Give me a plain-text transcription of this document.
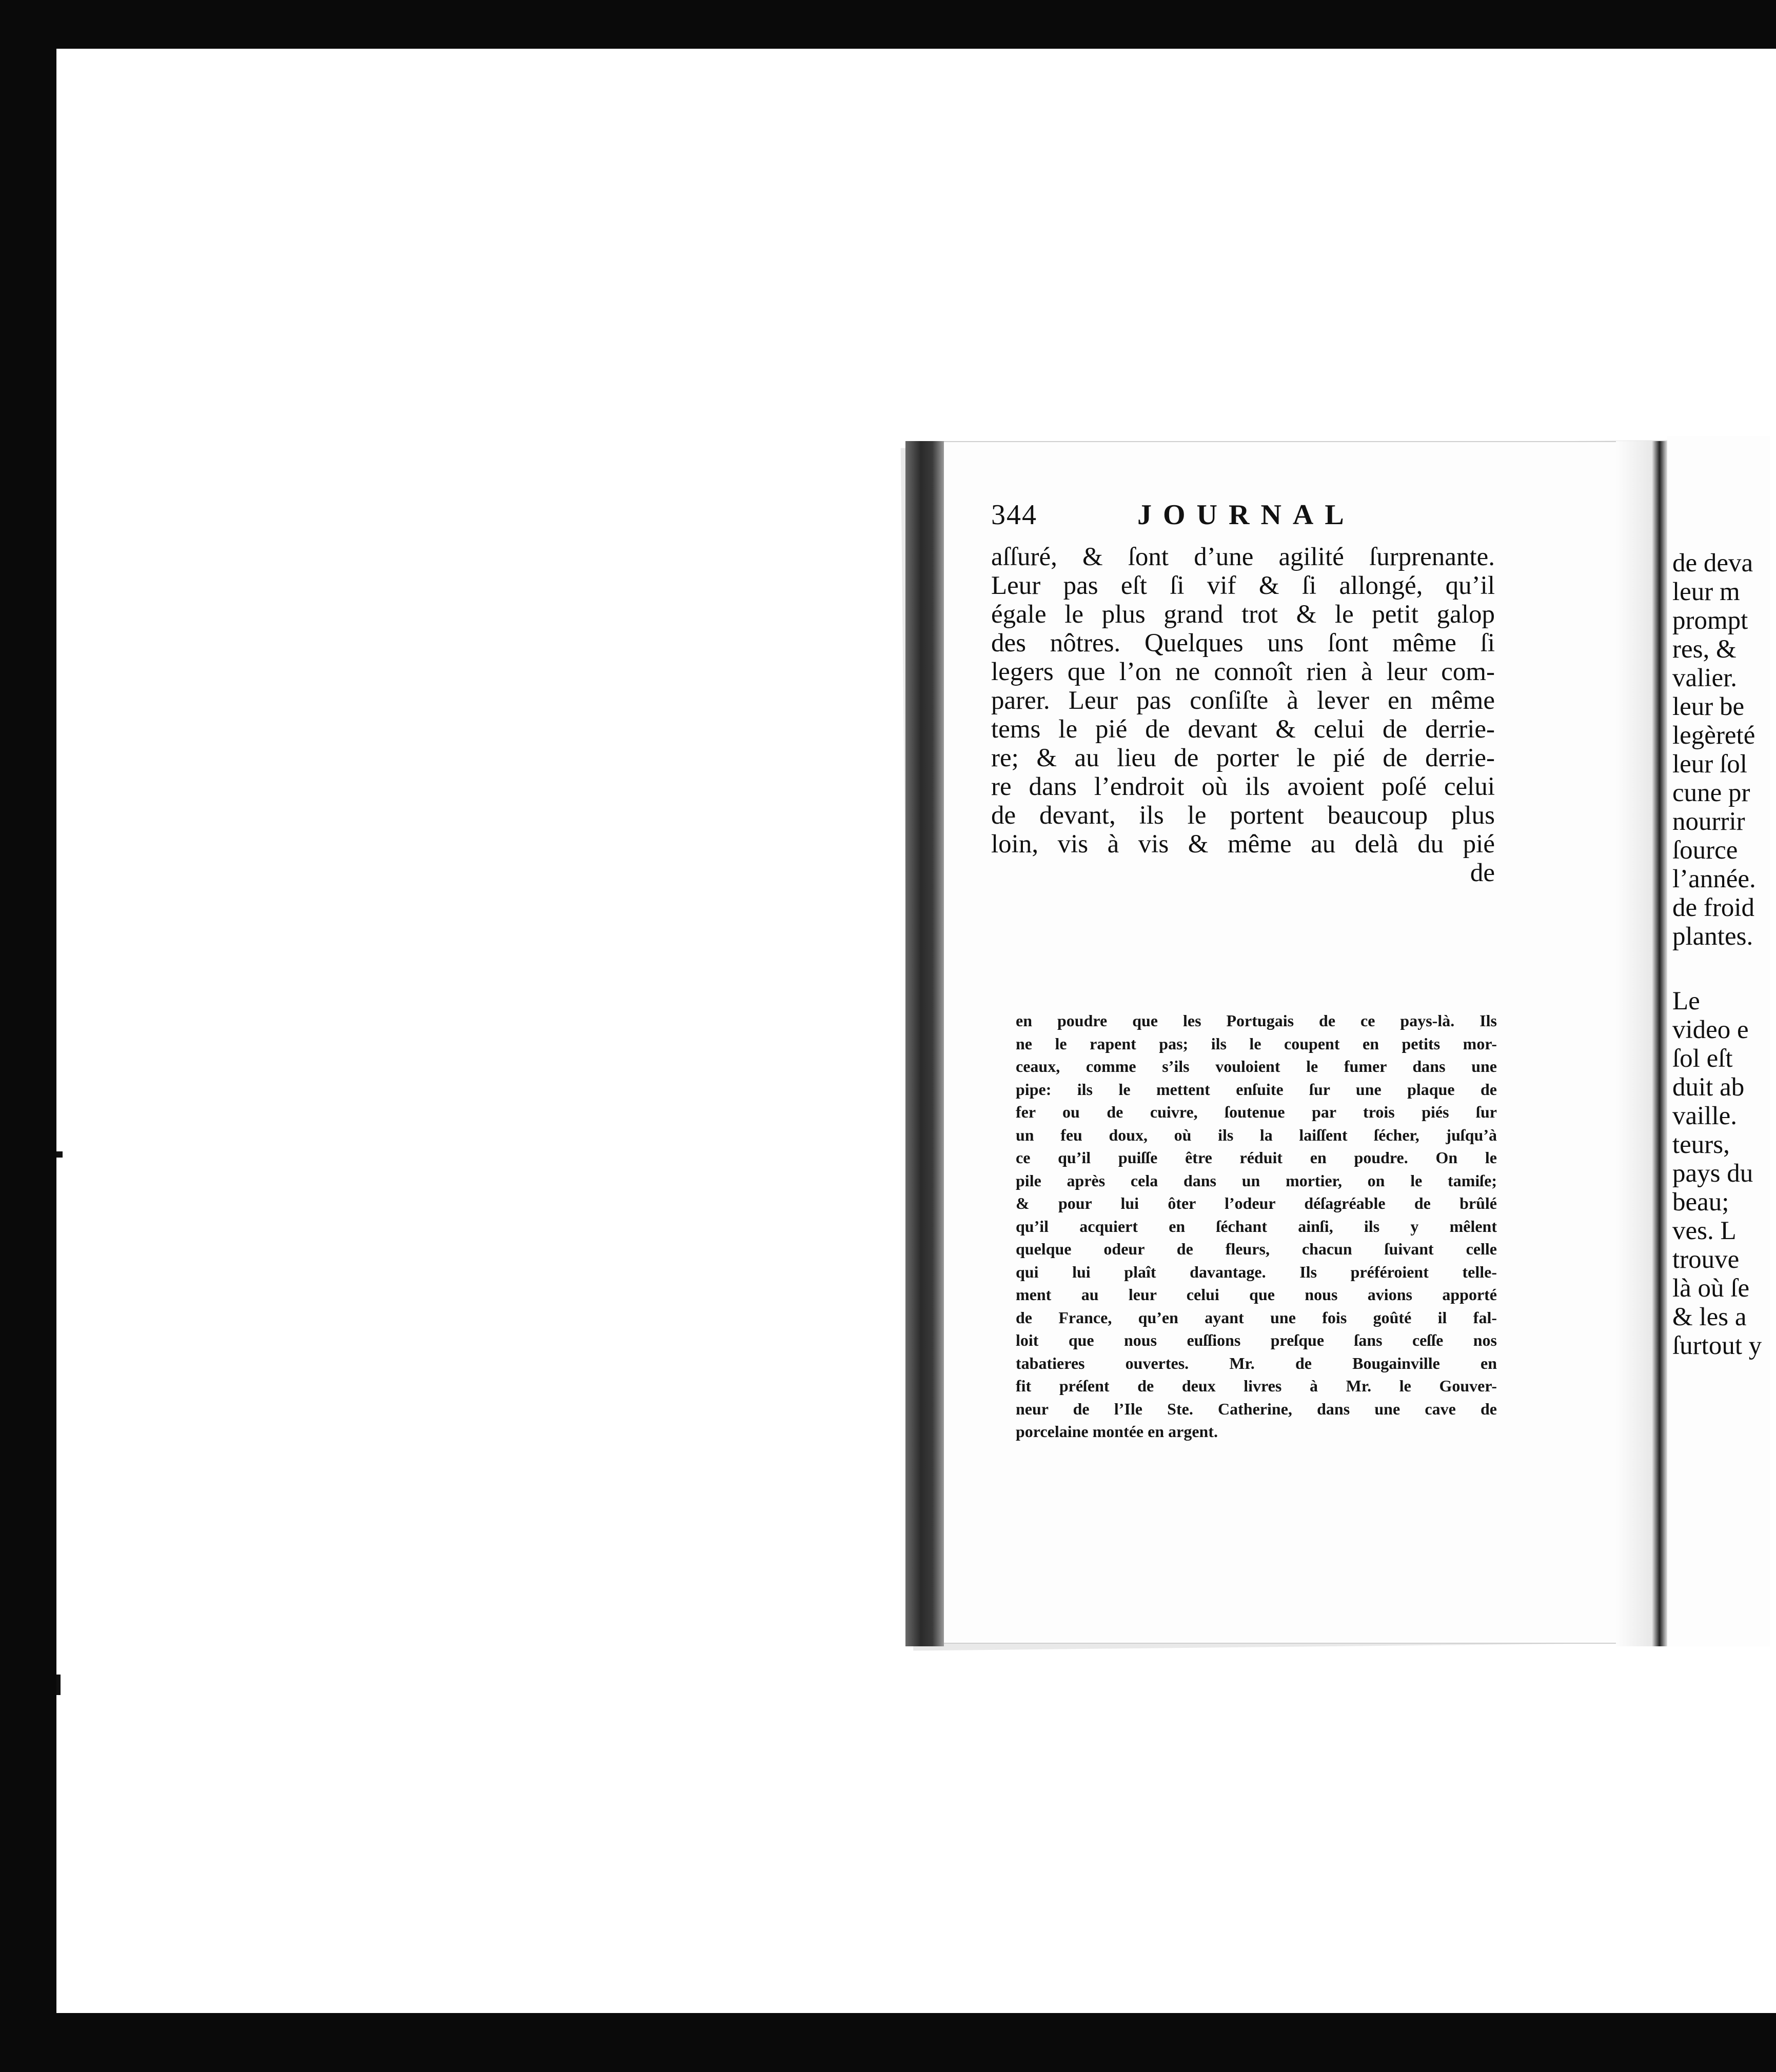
344	JOURNAL
aſſuré, & ſont d’une agilité ſurprenante.
Leur pas eſt ſi vif & ſi allongé, qu’il
égale le plus grand trot & le petit galop
des nôtres. Quelques uns ſont même ſi
legers que l’on ne connoît rien à leur com-
parer. Leur pas conſiſte à lever en même
tems le pié de devant & celui de derrie-
re; & au lieu de porter le pié de derrie-
re dans l’endroit où ils avoient poſé celui
de devant, ils le portent beaucoup plus
loin, vis à vis & même au delà du pié
de
en poudre que les Portugais de ce pays-là. Ils
ne le rapent pas; ils le coupent en petits mor-
ceaux, comme s’ils vouloient le fumer dans une
pipe: ils le mettent enſuite ſur une plaque de
fer ou de cuivre, ſoutenue par trois piés ſur
un feu doux, où ils la laiſſent ſécher, juſqu’à
ce qu’il puiſſe être réduit en poudre. On le
pile après cela dans un mortier, on le tamiſe;
& pour lui ôter l’odeur déſagréable de brûlé
qu’il acquiert en ſéchant ainſi, ils y mêlent
quelque odeur de fleurs, chacun ſuivant celle
qui lui plaît davantage. Ils préféroient telle-
ment au leur celui que nous avions apporté
de France, qu’en ayant une fois goûté il fal-
loit que nous euſſions preſque ſans ceſſe nos
tabatieres ouvertes. Mr. de Bougainville en
fit préſent de deux livres à Mr. le Gouver-
neur de l’Ile Ste. Catherine, dans une cave de
porcelaine montée en argent.
de deva
leur m
prompt
res, &
valier.
leur be
legèreté
leur ſol
cune pr
nourrir
ſource
l’année.
de froid
plantes.
Le
video e
ſol eſt
duit ab
vaille.
teurs,
pays du
beau;
ves. L
trouve
là où ſe
& les a
ſurtout y
